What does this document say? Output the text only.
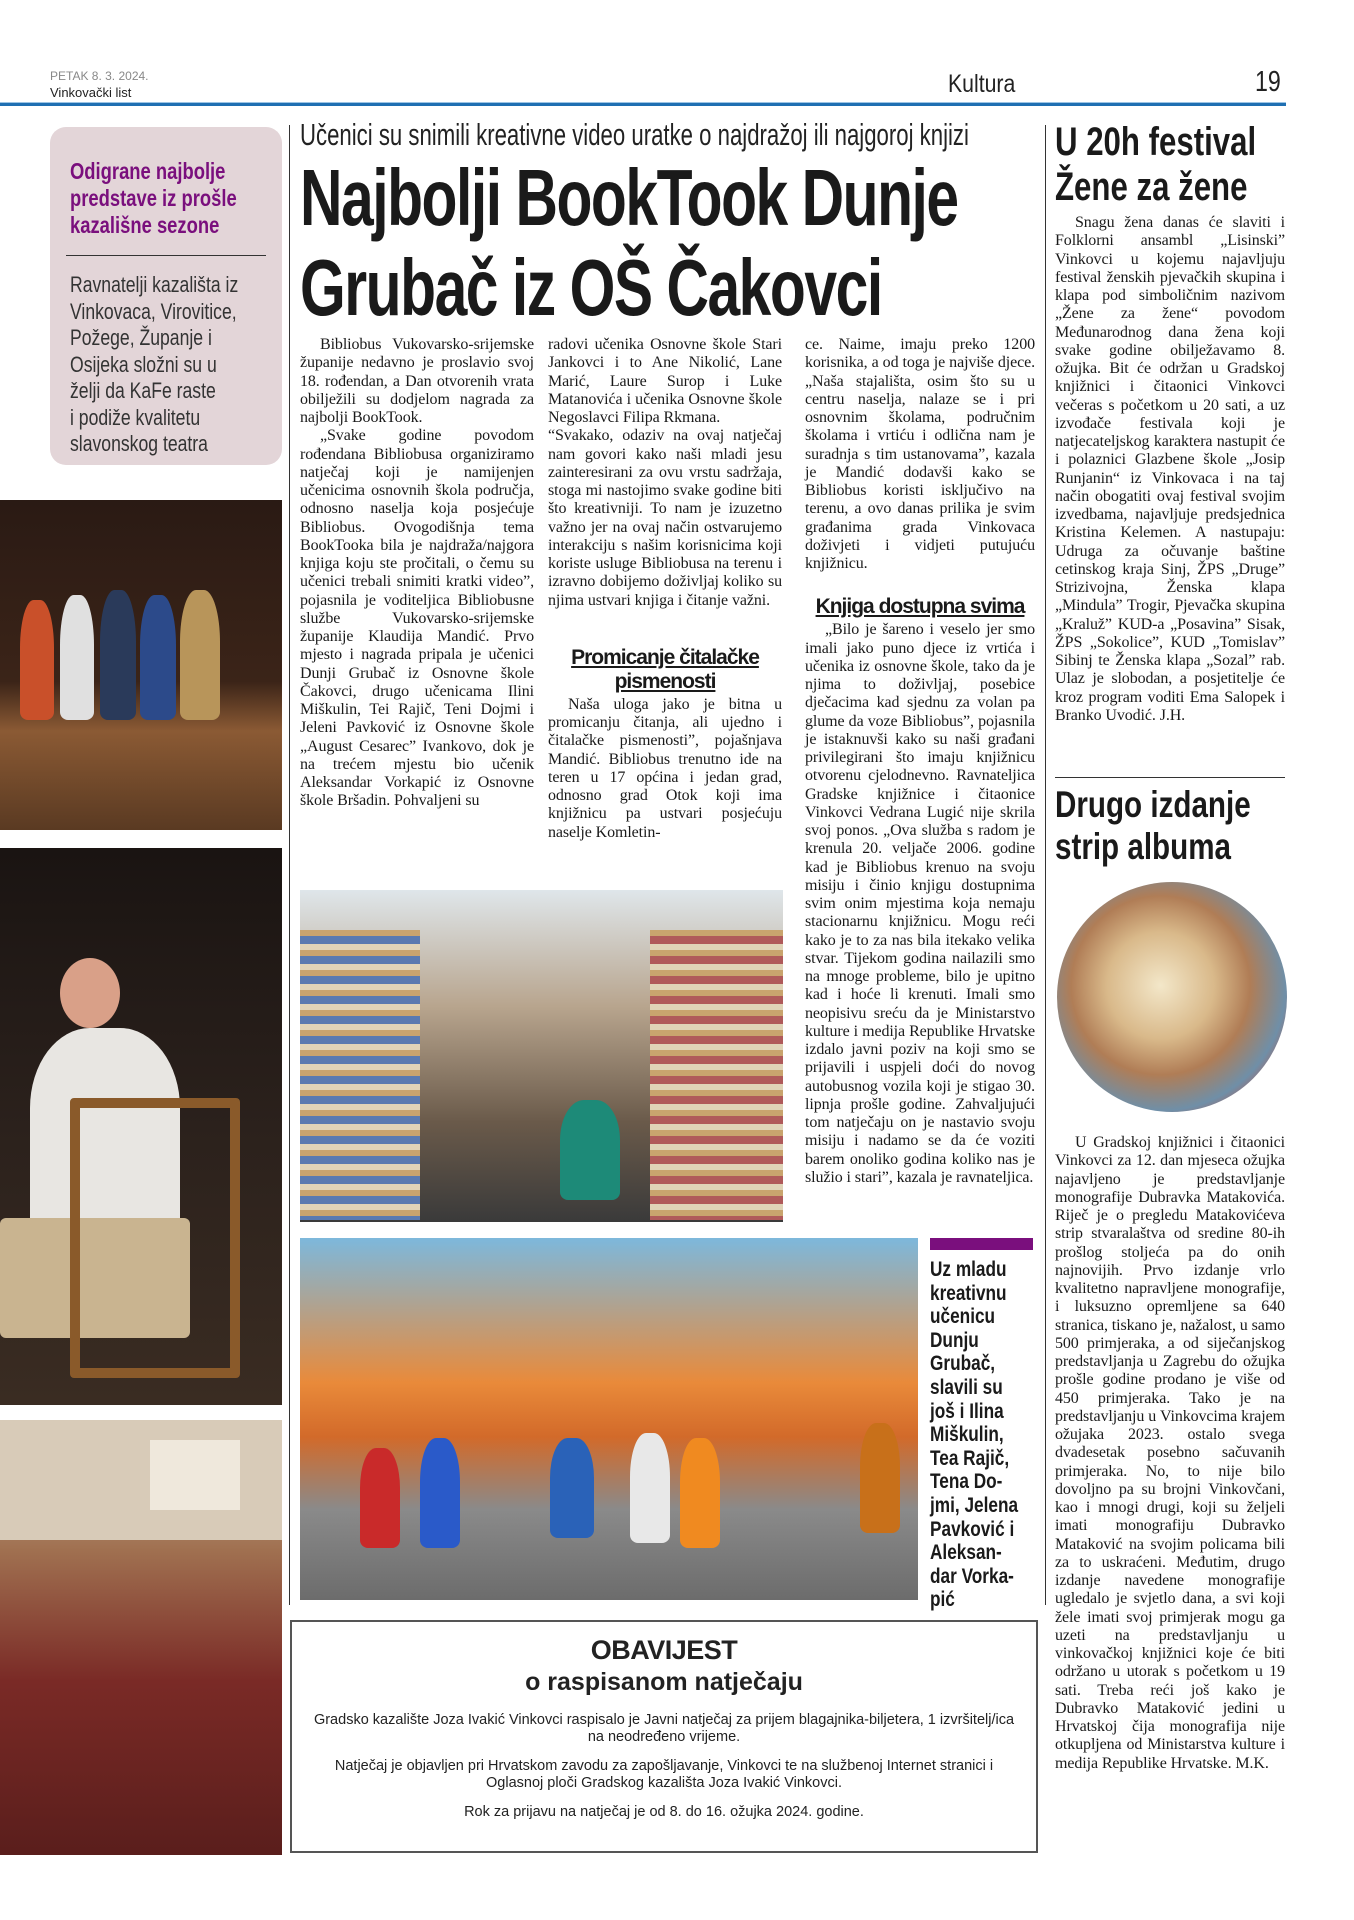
PETAK 8. 3. 2024.
Vinkovački list	Kultura	19
Odigrane najbolje
predstave iz prošle
kazališne sezone
Ravnatelji kazališta iz
Vinkovaca, Virovitice,
Požege, Županje i
Osijeka složni su u
želji da KaFe raste
i podiže kvalitetu
slavonskog teatra
Učenici su snimili kreativne video uratke o najdražoj ili najgoroj knjizi
Najbolji BookTook Dunje
Grubač iz OŠ Čakovci

Bibliobus Vukovarsko-srijemske županije nedavno je proslavio svoj 18. rođendan, a Dan otvorenih vrata obilježili su dodjelom nagrada za najbolji BookTook.

„Svake godine povodom rođendana Bibliobusa organiziramo natječaj koji je namijenjen učenicima osnovnih škola područja, odnosno naselja koja posjećuje Bibliobus. Ovogodišnja tema BookTooka bila je najdraža/najgora knjiga koju ste pročitali, o čemu su učenici trebali snimiti kratki video”, pojasnila je voditeljica Bibliobusne službe Vukovarsko-srijemske županije Klaudija Mandić. Prvo mjesto i nagrada pripala je učenici Dunji Grubač iz Osnovne škole Čakovci, drugo učenicama Ilini Miškulin, Tei Rajič, Teni Dojmi i Jeleni Pavković iz Osnovne škole „August Cesarec” Ivankovo, dok je na trećem mjestu bio učenik Aleksandar Vorkapić iz Osnovne škole Bršadin. Pohvaljeni su

radovi učenika Osnovne škole Stari Jankovci i to Ane Nikolić, Lane Marić, Laure Surop i Luke Matanovića i učenika Osnovne škole Negoslavci Filipa Rkmana.

“Svakako, odaziv na ovaj natječaj nam govori kako naši mladi jesu zainteresirani za ovu vrstu sadržaja, stoga mi nastojimo svake godine biti što kreativniji. To nam je izuzetno važno jer na ovaj način ostvarujemo interakciju s našim korisnicima koji koriste usluge Bibliobusa na terenu i izravno dobijemo doživljaj koliko su njima ustvari knjiga i čitanje važni.

Promicanje čitalačke pismenosti

Naša uloga jako je bitna u promicanju čitanja, ali ujedno i čitalačke pismenosti”, pojašnjava Mandić. Bibliobus trenutno ide na teren u 17 općina i jedan grad, odnosno grad Otok koji ima knjižnicu pa ustvari posjećuju naselje Komletin-

ce. Naime, imaju preko 1200 korisnika, a od toga je najviše djece. „Naša stajališta, osim što su u centru naselja, nalaze se i pri osnovnim školama, područnim školama i vrtiću i odlična nam je suradnja s tim ustanovama”, kazala je Mandić dodavši kako se Bibliobus koristi isključivo na terenu, a ovo danas prilika je svim građanima grada Vinkovaca doživjeti i vidjeti putujuću knjižnicu.

Knjiga dostupna svima

„Bilo je šareno i veselo jer smo imali jako puno djece iz vrtića i učenika iz osnovne škole, tako da je njima to doživljaj, posebice dječacima kad sjednu za volan pa glume da voze Bibliobus”, pojasnila je istaknuvši kako su naši građani privilegirani što imaju knjižnicu otvorenu cjelodnevno. Ravnateljica Gradske knjižnice i čitaonice Vinkovci Vedrana Lugić nije skrila svoj ponos. „Ova služba s radom je krenula 20. veljače 2006. godine kad je Bibliobus krenuo na svoju misiju i činio knjigu dostupnima svim onim mjestima koja nemaju stacionarnu knjižnicu. Mogu reći kako je to za nas bila itekako velika stvar. Tijekom godina nailazili smo na mnoge probleme, bilo je upitno kad i hoće li krenuti. Imali smo neopisivu sreću da je Ministarstvo kulture i medija Republike Hrvatske izdalo javni poziv na koji smo se prijavili i uspjeli doći do novog autobusnog vozila koji je stigao 30. lipnja prošle godine. Zahvaljujući tom natječaju on je nastavio svoju misiju i nadamo se da će voziti barem onoliko godina koliko nas je služio i stari”, kazala je ravnateljica.

Uz mladukreativnuučenicuDunjuGrubač,slavili sujoš i IlinaMiškulin,Tea Rajič,Tena Do-jmi, JelenaPavković iAleksan-dar Vorka-pić
OBAVIJEST
o raspisanom natječaju

Gradsko kazalište Joza Ivakić Vinkovci raspisalo je Javni natječaj za prijem blagajnika-biljetera, 1 izvršitelj/ica na neodređeno vrijeme.

Natječaj je objavljen pri Hrvatskom zavodu za zapošljavanje, Vinkovci te na službenoj Internet stranici i Oglasnoj ploči Gradskog kazališta Joza Ivakić Vinkovci.

Rok za prijavu na natječaj je od 8. do 16. ožujka 2024. godine.

U 20h festival
Žene za žene

Snagu žena danas će slaviti i Folklorni ansambl „Lisinski” Vinkovci u kojemu najavljuju festival ženskih pjevačkih skupina i klapa pod simboličnim nazivom „Žene za žene“ povodom Međunarodnog dana žena koji svake godine obilježavamo 8. ožujka. Bit će održan u Gradskoj knjižnici i čitaonici Vinkovci večeras s početkom u 20 sati, a uz izvođače festivala koji je natjecateljskog karaktera nastupit će i polaznici Glazbene škole „Josip Runjanin“ iz Vinkovaca i na taj način obogatiti ovaj festival svojim izvedbama, najavljuje predsjednica Kristina Kelemen. A nastupaju: Udruga za očuvanje baštine cetinskog kraja Sinj, ŽPS „Druge” Strizivojna, Ženska klapa „Mindula” Trogir, Pjevačka skupina „Kraluž” KUD-a „Posavina” Sisak, ŽPS „Sokolice”, KUD „Tomislav” Sibinj te Ženska klapa „Sozal” rab. Ulaz je slobodan, a posjetitelje će kroz program voditi Ema Salopek i Branko Uvodić. J.H.

Drugo izdanje
strip albuma

U Gradskoj knjižnici i čitaonici Vinkovci za 12. dan mjeseca ožujka najavljeno je predstavljanje monografije Dubravka Matakovića. Riječ je o pregledu Matakovićeva strip stvaralaštva od sredine 80-ih prošlog stoljeća pa do onih najnovijih. Prvo izdanje vrlo kvalitetno napravljene monografije, i luksuzno opremljene sa 640 stranica, tiskano je, nažalost, u samo 500 primjeraka, a od siječanjskog predstavljanja u Zagrebu do ožujka prošle godine prodano je više od 450 primjeraka. Tako je na predstavljanju u Vinkovcima krajem ožujaka 2023. ostalo svega dvadesetak posebno sačuvanih primjeraka. No, to nije bilo dovoljno pa su brojni Vinkovčani, kao i mnogi drugi, koji su željeli imati monografiju Dubravko Mataković na svojim policama bili za to uskraćeni. Međutim, drugo izdanje navedene monografije ugledalo je svjetlo dana, a svi koji žele imati svoj primjerak mogu ga uzeti na predstavljanju u vinkovačkoj knjižnici koje će biti održano u utorak s početkom u 19 sati. Treba reći još kako je Dubravko Mataković jedini u Hrvatskoj čija monografija nije otkupljena od Ministarstva kulture i medija Republike Hrvatske. M.K.
